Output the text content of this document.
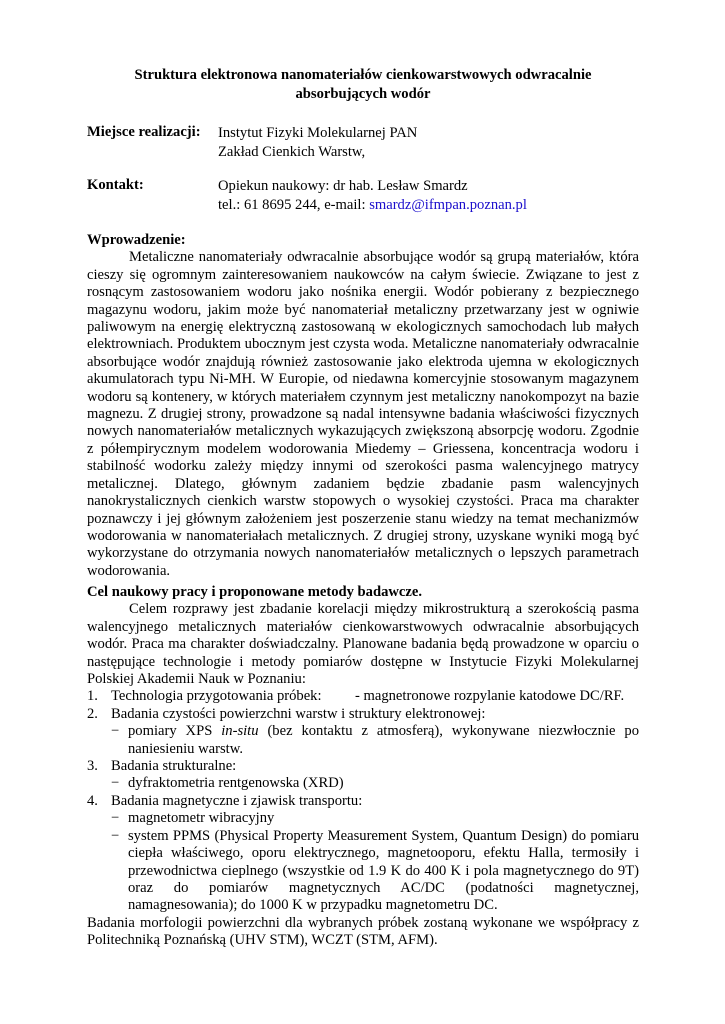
Struktura elektronowa nanomateriałów cienkowarstwowych odwracalnie
absorbujących wodór
Miejsce realizacji: Instytut Fizyki Molekularnej PAN
Zakład Cienkich Warstw,
Kontakt:	Opiekun naukowy: dr hab. Lesław Smardz
tel.: 61 8695 244, e-mail: smardz@ifmpan.poznan.pl
Wprowadzenie:

Metaliczne nanomateriały odwracalnie absorbujące wodór są grupą materiałów, która cieszy się ogromnym zainteresowaniem naukowców na całym świecie. Związane to jest z rosnącym zastosowaniem wodoru jako nośnika energii. Wodór pobierany z bezpiecznego magazynu wodoru, jakim może być nanomateriał metaliczny przetwarzany jest w ogniwie paliwowym na energię elektryczną zastosowaną w ekologicznych samochodach lub małych elektrowniach. Produktem ubocznym jest czysta woda. Metaliczne nanomateriały odwracalnie absorbujące wodór znajdują również zastosowanie jako elektroda ujemna w ekologicznych akumulatorach typu Ni-MH. W Europie, od niedawna komercyjnie stosowanym magazynem wodoru są kontenery, w których materiałem czynnym jest metaliczny nanokompozyt na bazie magnezu. Z drugiej strony, prowadzone są nadal intensywne badania właściwości fizycznych nowych nanomateriałów metalicznych wykazujących zwiększoną absorpcję wodoru. Zgodnie z półempirycznym modelem wodorowania Miedemy – Griessena, koncentracja wodoru i stabilność wodorku zależy między innymi od szerokości pasma walencyjnego matrycy metalicznej. Dlatego, głównym zadaniem będzie zbadanie pasm walencyjnych nanokrystalicznych cienkich warstw stopowych o wysokiej czystości. Praca ma charakter poznawczy i jej głównym założeniem jest poszerzenie stanu wiedzy na temat mechanizmów wodorowania w nanomateriałach metalicznych. Z drugiej strony, uzyskane wyniki mogą być wykorzystane do otrzymania nowych nanomateriałów metalicznych o lepszych parametrach wodorowania.

Cel naukowy pracy i proponowane metody badawcze.

Celem rozprawy jest zbadanie korelacji między mikrostrukturą a szerokością pasma walencyjnego metalicznych materiałów cienkowarstwowych odwracalnie absorbujących wodór. Praca ma charakter doświadczalny. Planowane badania będą prowadzone w oparciu o następujące technologie i metody pomiarów dostępne w Instytucie Fizyki Molekularnej Polskiej Akademii Nauk w Poznaniu:

1. Technologia przygotowania próbek: - magnetronowe rozpylanie katodowe DC/RF.
2. Badania czystości powierzchni warstw i struktury elektronowej:
− pomiary XPS in-situ (bez kontaktu z atmosferą), wykonywane niezwłocznie po naniesieniu warstw.
3. Badania strukturalne:
− dyfraktometria rentgenowska (XRD)
4. Badania magnetyczne i zjawisk transportu:
− magnetometr wibracyjny
− system PPMS (Physical Property Measurement System, Quantum Design) do pomiaru ciepła właściwego, oporu elektrycznego, magnetooporu, efektu Halla, termosiły i przewodnictwa cieplnego (wszystkie od 1.9 K do 400 K i pola magnetycznego do 9T) oraz do pomiarów magnetycznych AC/DC (podatności magnetycznej, namagnesowania); do 1000 K w przypadku magnetometru DC.

Badania morfologii powierzchni dla wybranych próbek zostaną wykonane we współpracy z Politechniką Poznańską (UHV STM), WCZT (STM, AFM).
